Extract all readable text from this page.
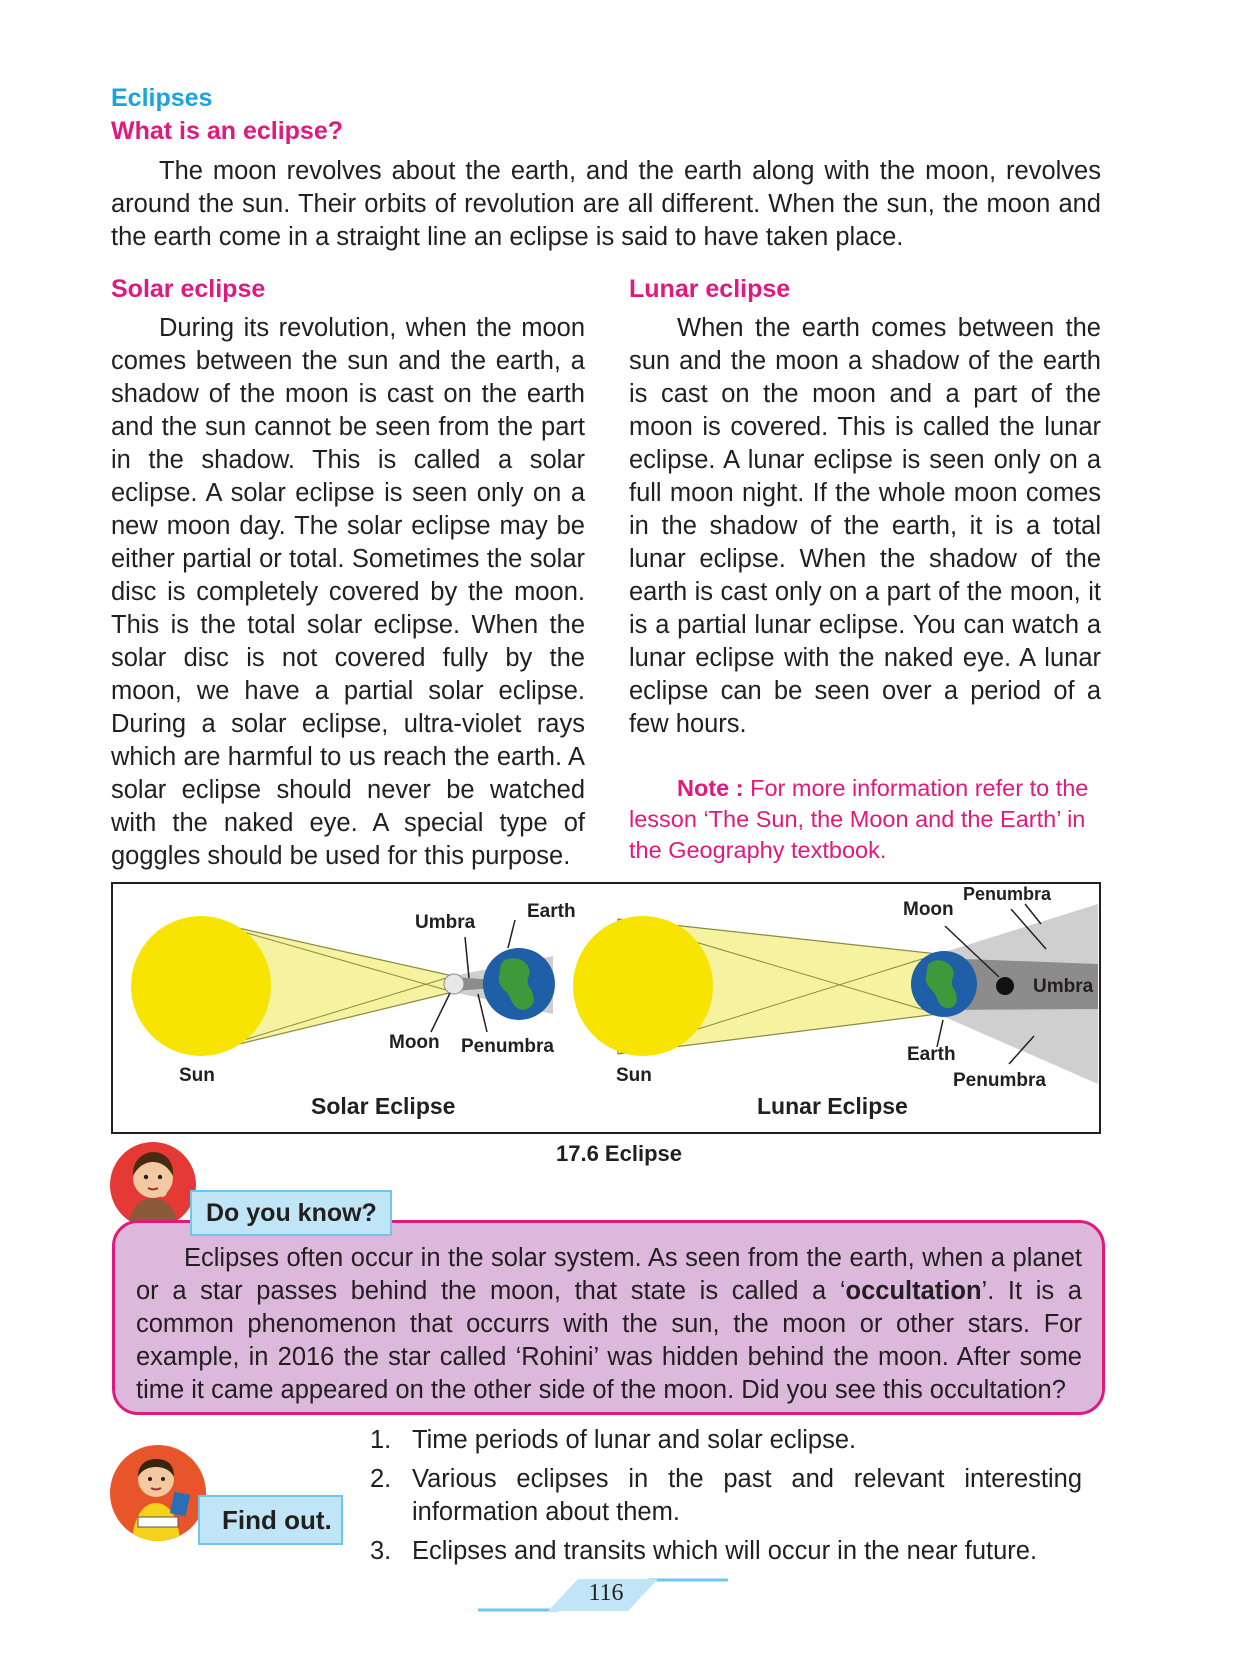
Eclipses
What is an eclipse?
The moon revolves about the earth, and the earth along with the moon, revolves around the sun. Their orbits of revolution are all different. When the sun, the moon and the earth come in a straight line an eclipse is said to have taken place.
Solar eclipse
During its revolution, when the moon comes between the sun and the earth, a shadow of the moon is cast on the earth and the sun cannot be seen from the part in the shadow. This is called a solar eclipse. A solar eclipse is seen only on a new moon day. The solar eclipse may be either partial or total. Sometimes the solar disc is completely covered by the moon. This is the total solar eclipse. When the solar disc is not covered fully by the moon, we have a partial solar eclipse. During a solar eclipse, ultra-violet rays which are harmful to us reach the earth. A solar eclipse should never be watched with the naked eye. A special type of goggles should be used for this purpose.
Lunar eclipse
When the earth comes between the sun and the moon a shadow of the earth is cast on the moon and a part of the moon is covered. This is called the lunar eclipse. A lunar eclipse is seen only on a full moon night. If the whole moon comes in the shadow of the earth, it is a total lunar eclipse. When the shadow of the earth is cast only on a part of the moon, it is a partial lunar eclipse. You can watch a lunar eclipse with the naked eye. A lunar eclipse can be seen over a period of a few hours.
Note : For more information refer to the lesson ‘The Sun, the Moon and the Earth’ in the Geography textbook.
Umbra
Earth
Moon Penumbra
Sun
Solar Eclipse
Moon
Penumbra
Umbra
Earth
Penumbra
Sun
Lunar Eclipse
17.6 Eclipse
Do you know?
Eclipses often occur in the solar system. As seen from the earth, when a planet or a star passes behind the moon, that state is called a ‘occultation’. It is a common phenomenon that occurrs with the sun, the moon or other stars. For example, in 2016 the star called ‘Rohini’ was hidden behind the moon. After some time it came appeared on the other side of the moon. Did you see this occultation?
Find out.
1. Time periods of lunar and solar eclipse.
2. Various eclipses in the past and relevant interesting information about them.
3. Eclipses and transits which will occur in the near future.
116
